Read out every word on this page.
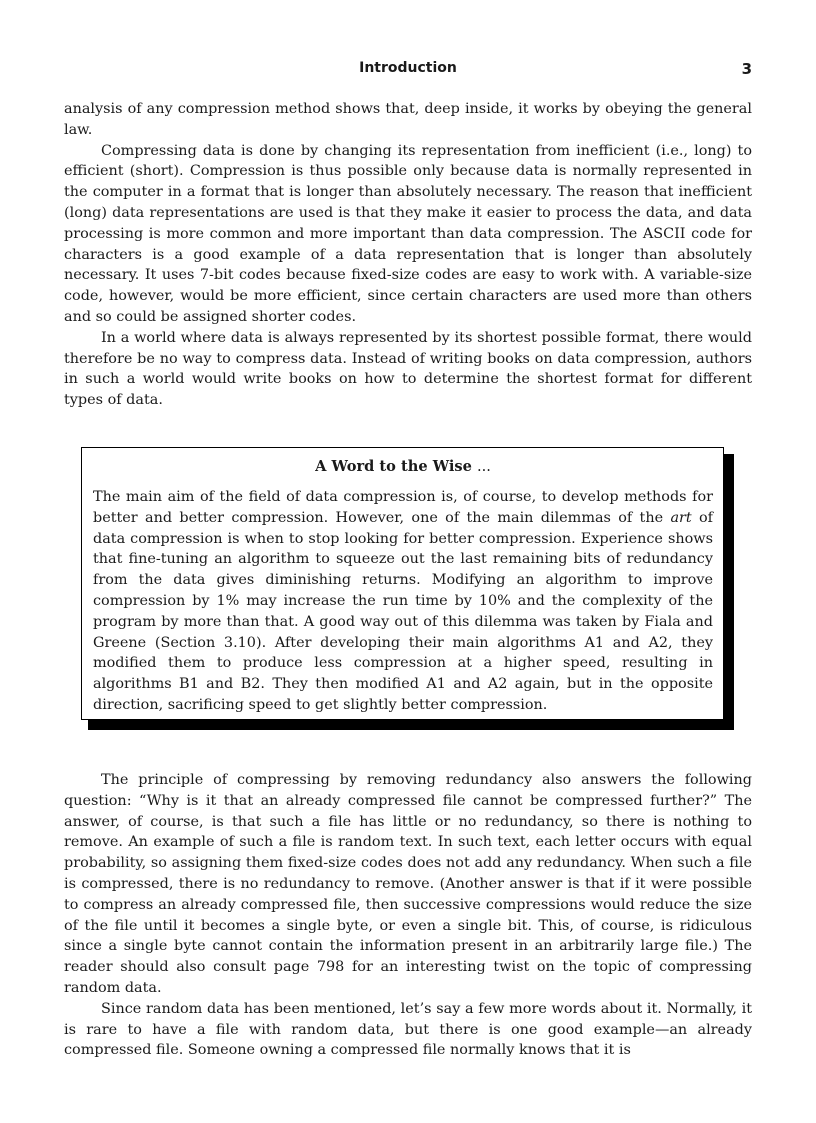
Introduction	3

analysis of any compression method shows that, deep inside, it works by obeying the general law.

Compressing data is done by changing its representation from inefficient (i.e., long) to efficient (short). Compression is thus possible only because data is normally represented in the computer in a format that is longer than absolutely necessary. The reason that inefficient (long) data representations are used is that they make it easier to process the data, and data processing is more common and more important than data compression. The ASCII code for characters is a good example of a data representation that is longer than absolutely necessary. It uses 7-bit codes because fixed-size codes are easy to work with. A variable-size code, however, would be more efficient, since certain characters are used more than others and so could be assigned shorter codes.

In a world where data is always represented by its shortest possible format, there would therefore be no way to compress data. Instead of writing books on data compression, authors in such a world would write books on how to determine the shortest format for different types of data.

A Word to the Wise ...
The main aim of the field of data compression is, of course, to develop methods for better and better compression. However, one of the main dilemmas of the art of data compression is when to stop looking for better compression. Experience shows that fine-tuning an algorithm to squeeze out the last remaining bits of redundancy from the data gives diminishing returns. Modifying an algorithm to improve compression by 1% may increase the run time by 10% and the complexity of the program by more than that. A good way out of this dilemma was taken by Fiala and Greene (Section 3.10). After developing their main algorithms A1 and A2, they modified them to produce less compression at a higher speed, resulting in algorithms B1 and B2. They then modified A1 and A2 again, but in the opposite direction, sacrificing speed to get slightly better compression.

The principle of compressing by removing redundancy also answers the following question: “Why is it that an already compressed file cannot be compressed further?” The answer, of course, is that such a file has little or no redundancy, so there is nothing to remove. An example of such a file is random text. In such text, each letter occurs with equal probability, so assigning them fixed-size codes does not add any redundancy. When such a file is compressed, there is no redundancy to remove. (Another answer is that if it were possible to compress an already compressed file, then successive compressions would reduce the size of the file until it becomes a single byte, or even a single bit. This, of course, is ridiculous since a single byte cannot contain the information present in an arbitrarily large file.) The reader should also consult page 798 for an interesting twist on the topic of compressing random data.

Since random data has been mentioned, let’s say a few more words about it. Normally, it is rare to have a file with random data, but there is one good example—an already compressed file. Someone owning a compressed file normally knows that it is
